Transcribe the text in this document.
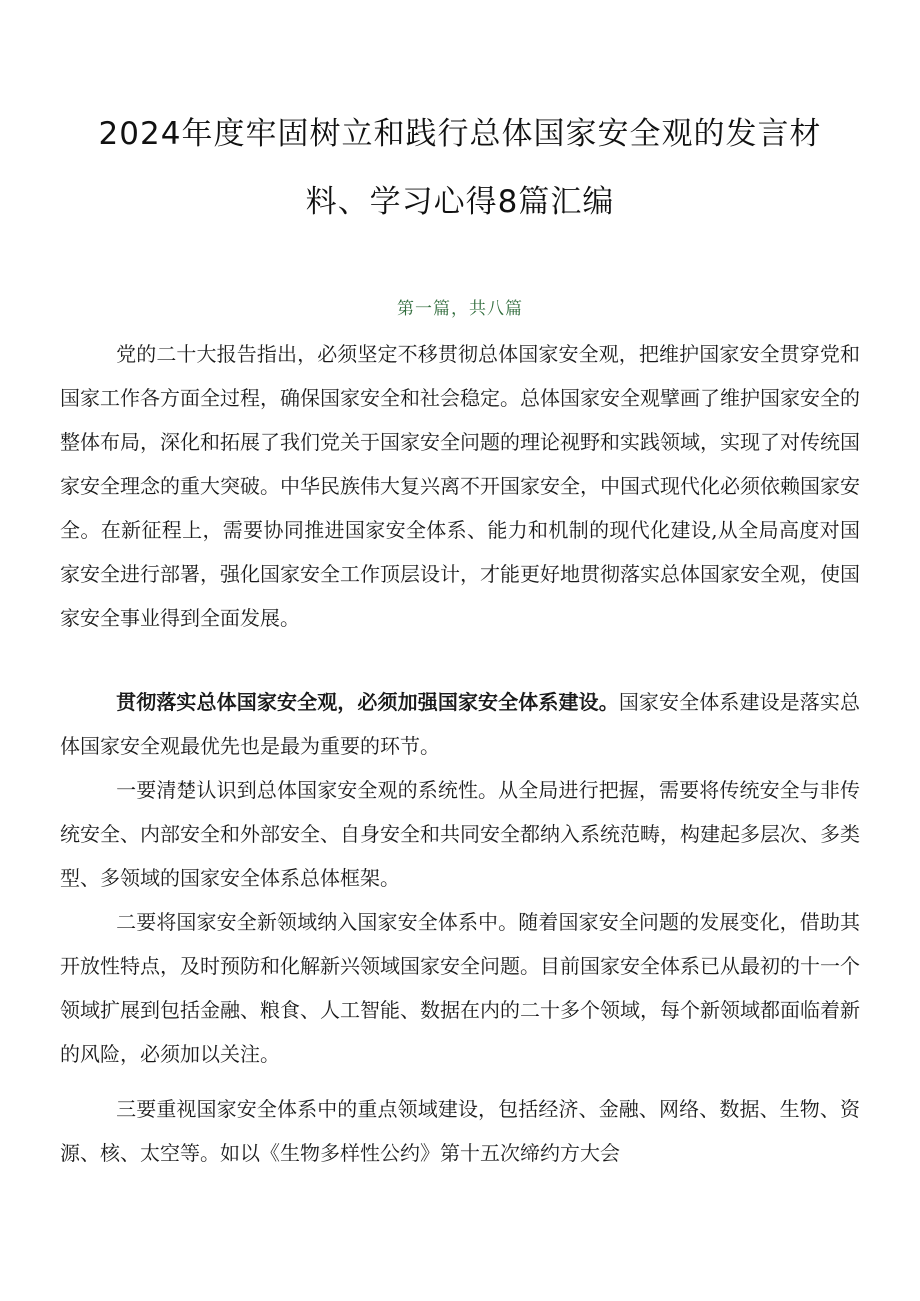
2024年度牢固树立和践行总体国家安全观的发言材
料、学习心得8篇汇编
第一篇，共八篇

党的二十大报告指出，必须坚定不移贯彻总体国家安全观，把维护国家安全贯穿党和国家工作各方面全过程，确保国家安全和社会稳定。总体国家安全观擘画了维护国家安全的整体布局，深化和拓展了我们党关于国家安全问题的理论视野和实践领域，实现了对传统国家安全理念的重大突破。中华民族伟大复兴离不开国家安全，中国式现代化必须依赖国家安全。在新征程上，需要协同推进国家安全体系、能力和机制的现代化建设,从全局高度对国家安全进行部署，强化国家安全工作顶层设计，才能更好地贯彻落实总体国家安全观，使国家安全事业得到全面发展。

贯彻落实总体国家安全观，必须加强国家安全体系建设。国家安全体系建设是落实总体国家安全观最优先也是最为重要的环节。

一要清楚认识到总体国家安全观的系统性。从全局进行把握，需要将传统安全与非传统安全、内部安全和外部安全、自身安全和共同安全都纳入系统范畴，构建起多层次、多类型、多领域的国家安全体系总体框架。

二要将国家安全新领域纳入国家安全体系中。随着国家安全问题的发展变化，借助其开放性特点，及时预防和化解新兴领域国家安全问题。目前国家安全体系已从最初的十一个领域扩展到包括金融、粮食、人工智能、数据在内的二十多个领域，每个新领域都面临着新的风险，必须加以关注。

三要重视国家安全体系中的重点领域建设，包括经济、金融、网络、数据、生物、资源、核、太空等。如以《生物多样性公约》第十五次缔约方大会
